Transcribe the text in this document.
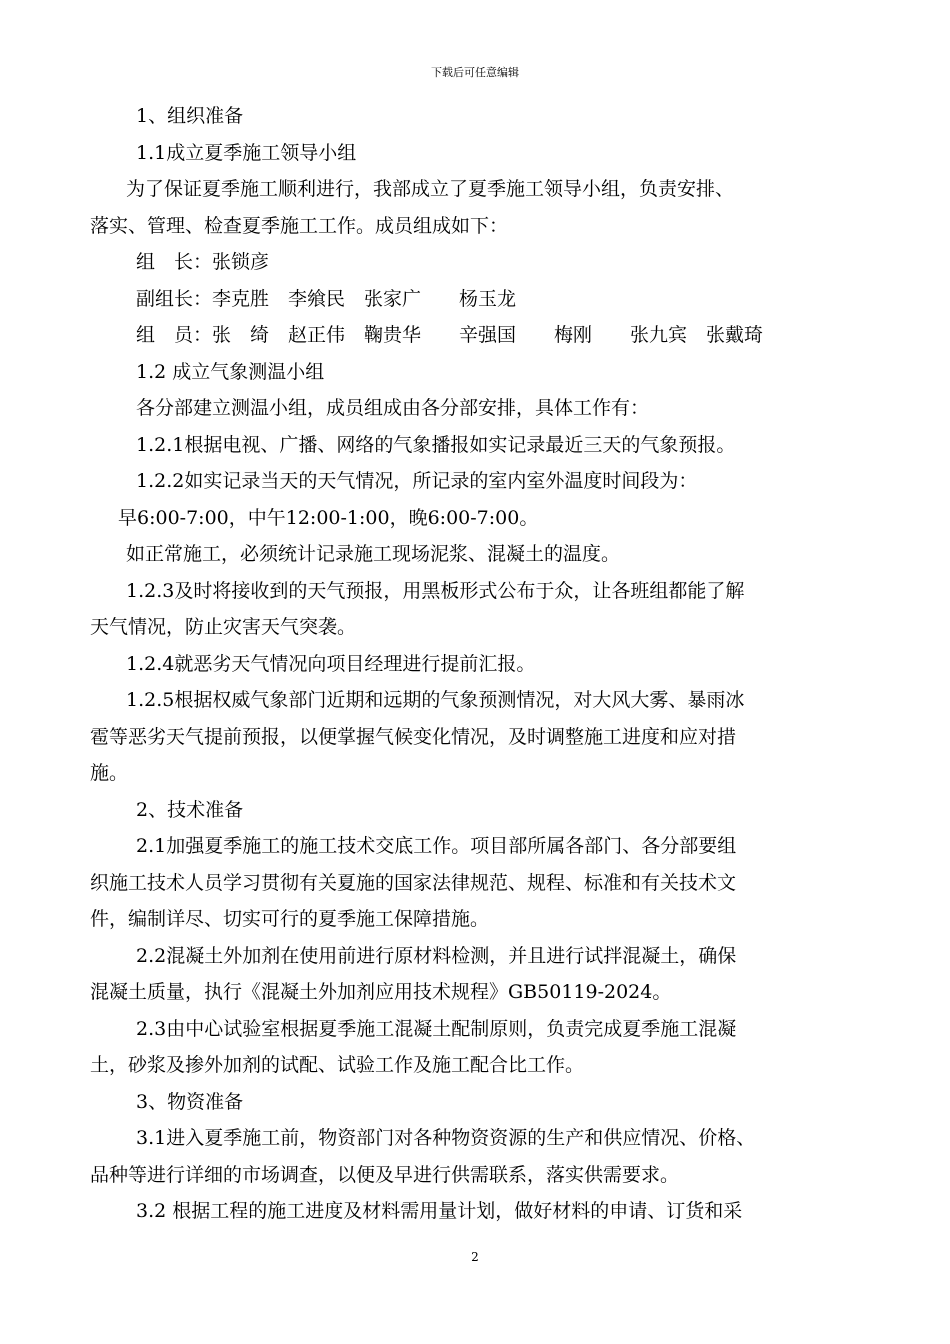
下载后可任意编辑
1、组织准备
1.1成立夏季施工领导小组
为了保证夏季施工顺利进行，我部成立了夏季施工领导小组，负责安排、
落实、管理、检查夏季施工工作。成员组成如下：
组　长：张锁彦
副组长：李克胜　李飨民　张家广　　杨玉龙
组　员：张　绮　赵正伟　鞠贵华　　辛强国　　梅刚　　张九宾　张戴琦
1.2 成立气象测温小组
各分部建立测温小组，成员组成由各分部安排，具体工作有：
1.2.1根据电视、广播、网络的气象播报如实记录最近三天的气象预报。
1.2.2如实记录当天的天气情况，所记录的室内室外温度时间段为：
早6:00-7:00，中午12:00-1:00，晚6:00-7:00。
如正常施工，必须统计记录施工现场泥浆、混凝土的温度。
1.2.3及时将接收到的天气预报，用黑板形式公布于众，让各班组都能了解
天气情况，防止灾害天气突袭。
1.2.4就恶劣天气情况向项目经理进行提前汇报。
1.2.5根据权威气象部门近期和远期的气象预测情况，对大风大雾、暴雨冰
雹等恶劣天气提前预报，以便掌握气候变化情况，及时调整施工进度和应对措
施。
2、技术准备
2.1加强夏季施工的施工技术交底工作。项目部所属各部门、各分部要组
织施工技术人员学习贯彻有关夏施的国家法律规范、规程、标准和有关技术文
件，编制详尽、切实可行的夏季施工保障措施。
2.2混凝土外加剂在使用前进行原材料检测，并且进行试拌混凝土，确保
混凝土质量，执行《混凝土外加剂应用技术规程》GB50119-2024。
2.3由中心试验室根据夏季施工混凝土配制原则，负责完成夏季施工混凝
土，砂浆及掺外加剂的试配、试验工作及施工配合比工作。
3、物资准备
3.1进入夏季施工前，物资部门对各种物资资源的生产和供应情况、价格、
品种等进行详细的市场调查，以便及早进行供需联系，落实供需要求。
3.2 根据工程的施工进度及材料需用量计划，做好材料的申请、订货和采
2
